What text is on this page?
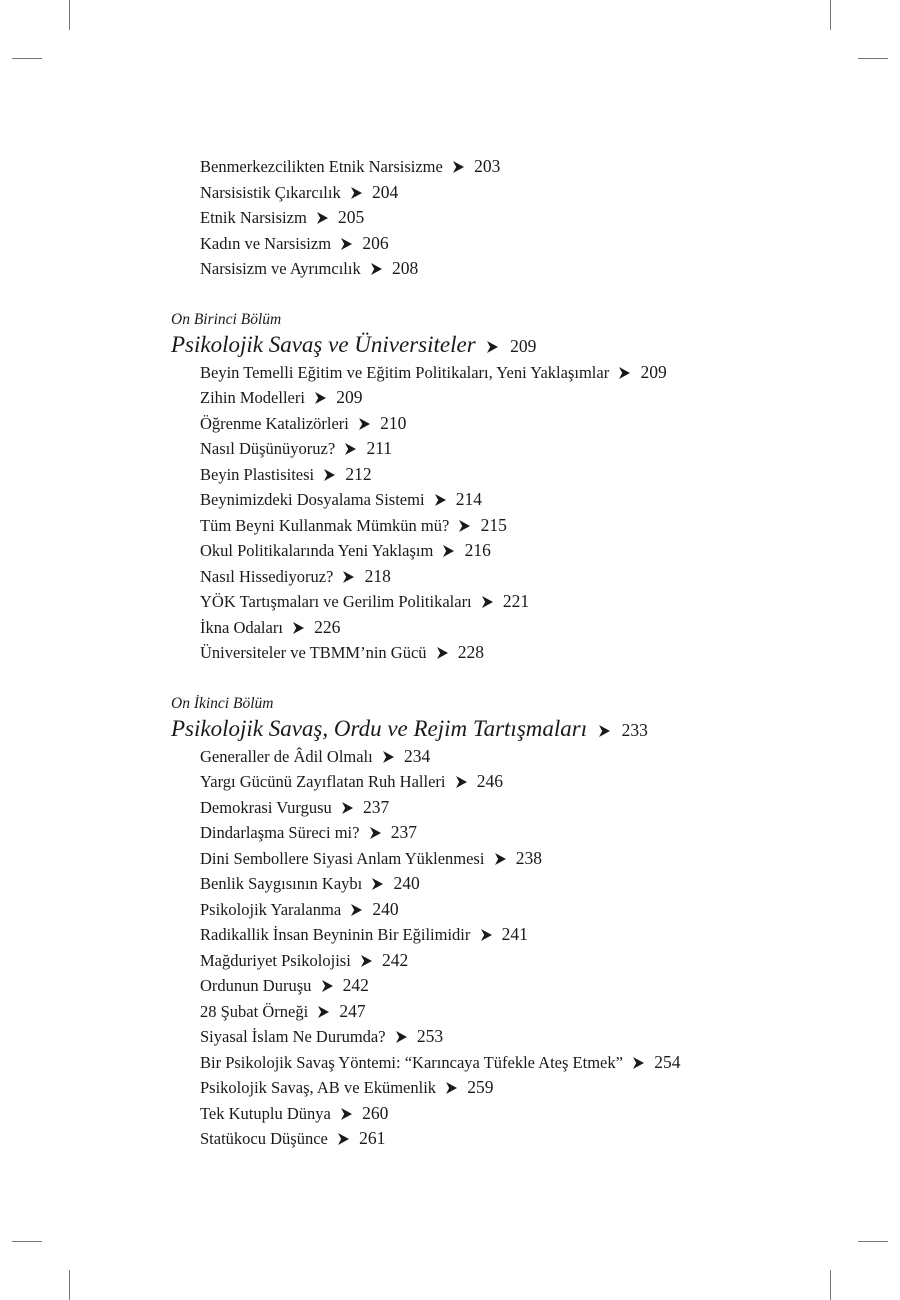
Benmerkezcilikten Etnik Narsisizme 203
Narsisistik Çıkarcılık 204
Etnik Narsisizm 205
Kadın ve Narsisizm 206
Narsisizm ve Ayrımcılık 208
On Birinci Bölüm
Psikolojik Savaş ve Üniversiteler 209
Beyin Temelli Eğitim ve Eğitim Politikaları, Yeni Yaklaşımlar 209
Zihin Modelleri 209
Öğrenme Katalizörleri 210
Nasıl Düşünüyoruz? 211
Beyin Plastisitesi 212
Beynimizdeki Dosyalama Sistemi 214
Tüm Beyni Kullanmak Mümkün mü? 215
Okul Politikalarında Yeni Yaklaşım 216
Nasıl Hissediyoruz? 218
YÖK Tartışmaları ve Gerilim Politikaları 221
İkna Odaları 226
Üniversiteler ve TBMM’nin Gücü 228
On İkinci Bölüm
Psikolojik Savaş, Ordu ve Rejim Tartışmaları 233
Generaller de Âdil Olmalı 234
Yargı Gücünü Zayıflatan Ruh Halleri 246
Demokrasi Vurgusu 237
Dindarlaşma Süreci mi? 237
Dini Sembollere Siyasi Anlam Yüklenmesi 238
Benlik Saygısının Kaybı 240
Psikolojik Yaralanma 240
Radikallik İnsan Beyninin Bir Eğilimidir 241
Mağduriyet Psikolojisi 242
Ordunun Duruşu 242
28 Şubat Örneği 247
Siyasal İslam Ne Durumda? 253
Bir Psikolojik Savaş Yöntemi: “Karıncaya Tüfekle Ateş Etmek” 254
Psikolojik Savaş, AB ve Ekümenlik 259
Tek Kutuplu Dünya 260
Statükocu Düşünce 261
